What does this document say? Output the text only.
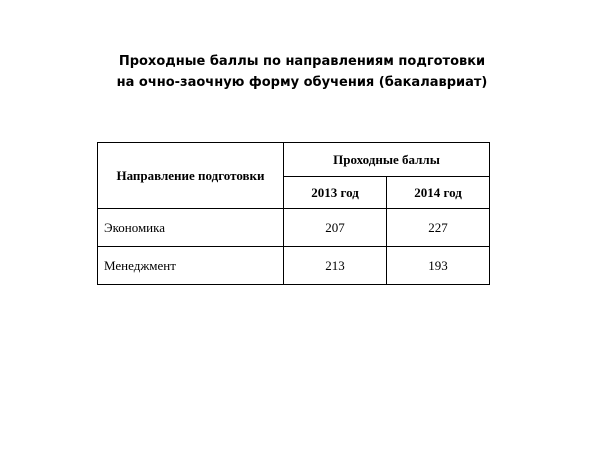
Проходные баллы по направлениям подготовки
на очно-заочную форму обучения (бакалавриат)
Направление подготовки	Проходные баллы	
	2013 год	2014 год
Экономика	207	227
Менеджмент	213	193
